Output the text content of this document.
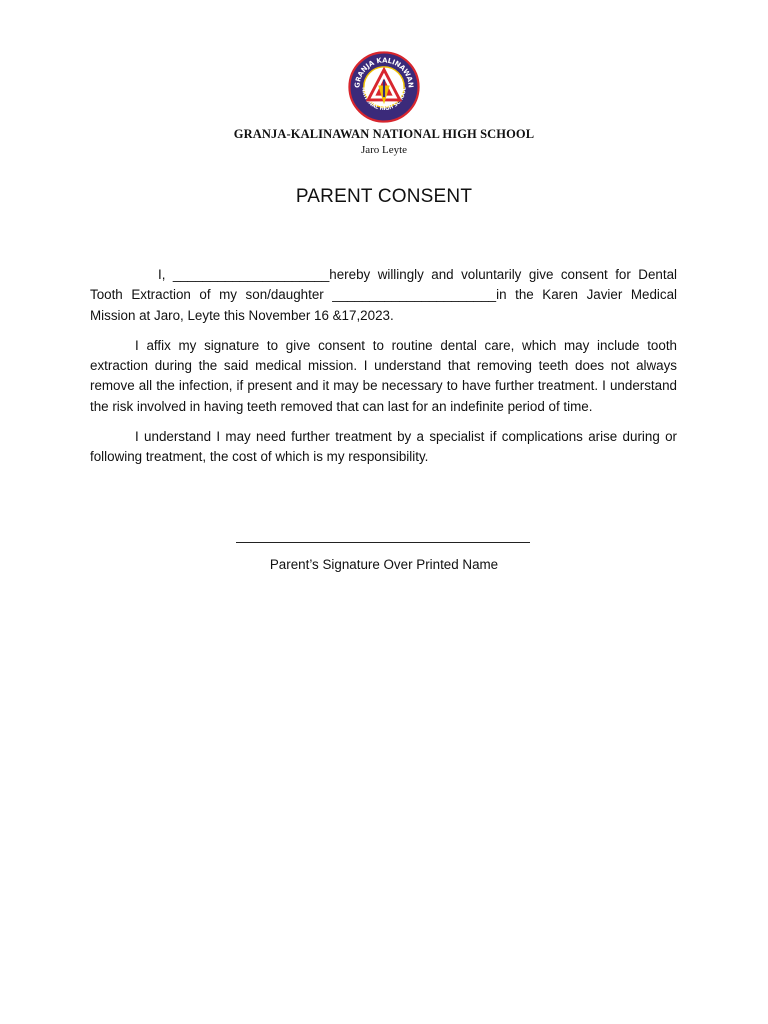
GRANJA KALINAWAN
NATIONAL HIGH SCHOOL
GRANJA-KALINAWAN NATIONAL HIGH SCHOOL
Jaro Leyte
PARENT CONSENT

I, _____________________hereby willingly and voluntarily give consent for Dental Tooth Extraction of my son/daughter ______________________in the Karen Javier Medical Mission at Jaro, Leyte this November 16 &17,2023.

I affix my signature to give consent to routine dental care, which may include tooth extraction during the said medical mission. I understand that removing teeth does not always remove all the infection, if present and it may be necessary to have further treatment. I understand the risk involved in having teeth removed that can last for an indefinite period of time.

I understand I may need further treatment by a specialist if complications arise during or following treatment, the cost of which is my responsibility.

Parent’s Signature Over Printed Name
